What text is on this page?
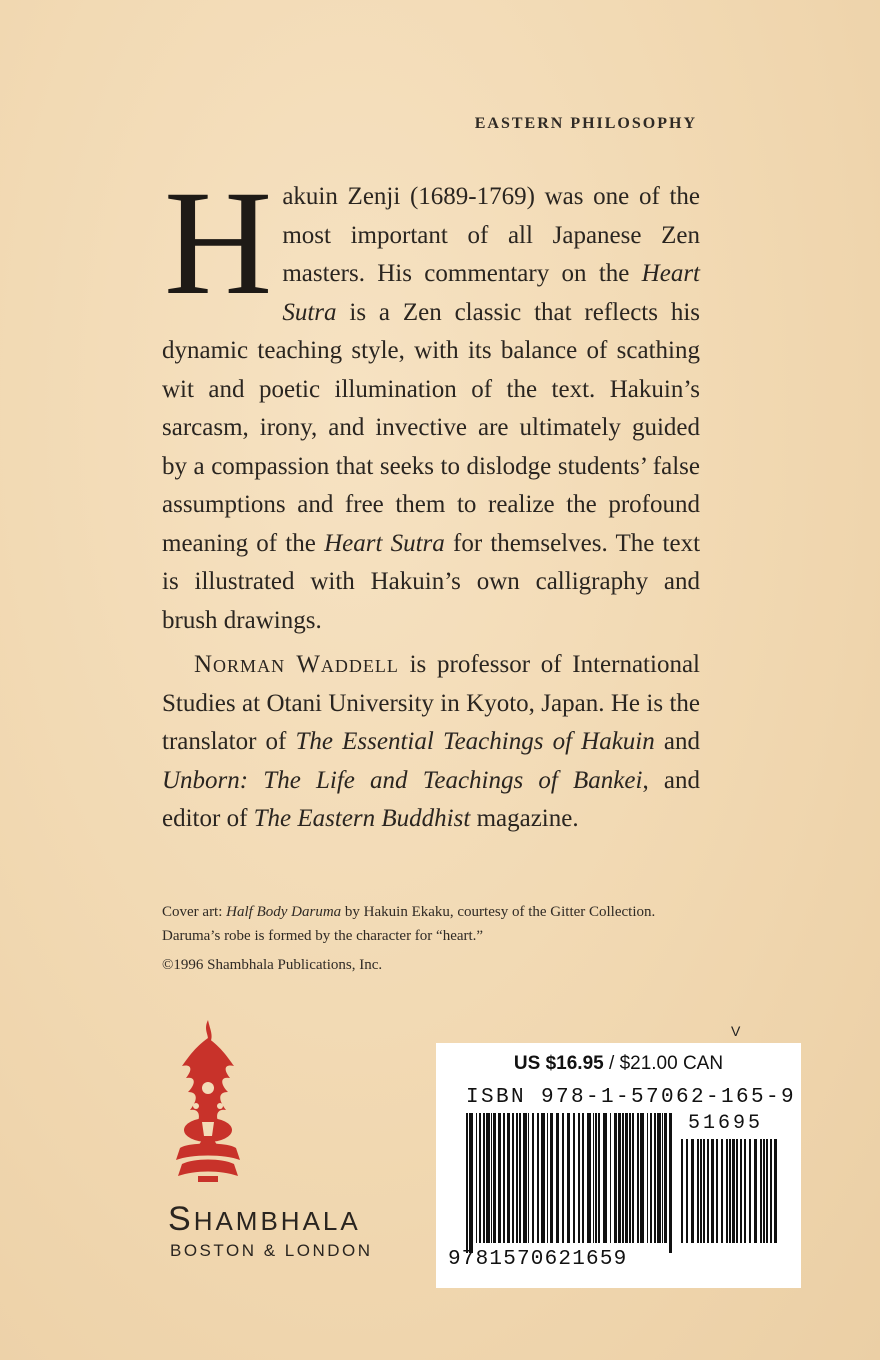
EASTERN PHILOSOPHY

Hakuin Zenji (1689-1769) was one of the most important of all Japanese Zen masters. His commentary on the Heart Sutra is a Zen classic that reflects his dynamic teaching style, with its balance of scathing wit and poetic illumination of the text. Hakuin’s sarcasm, irony, and invective are ultimately guided by a compassion that seeks to dislodge students’ false assumptions and free them to realize the profound meaning of the Heart Sutra for themselves. The text is illustrated with Hakuin’s own calligraphy and brush drawings.

Norman Waddell is professor of International Studies at Otani University in Kyoto, Japan. He is the translator of The Essential Teachings of Hakuin and Unborn: The Life and Teachings of Bankei, and editor of The Eastern Buddhist magazine.

Cover art: Half Body Daruma by Hakuin Ekaku, courtesy of the Gitter Collection. Daruma’s robe is formed by the character for “heart.”

©1996 Shambhala Publications, Inc.
SHAMBHALA
BOSTON & LONDON
V
US $16.95 / $21.00 CAN
ISBN 978-1-57062-165-9
51695
9781570621659
